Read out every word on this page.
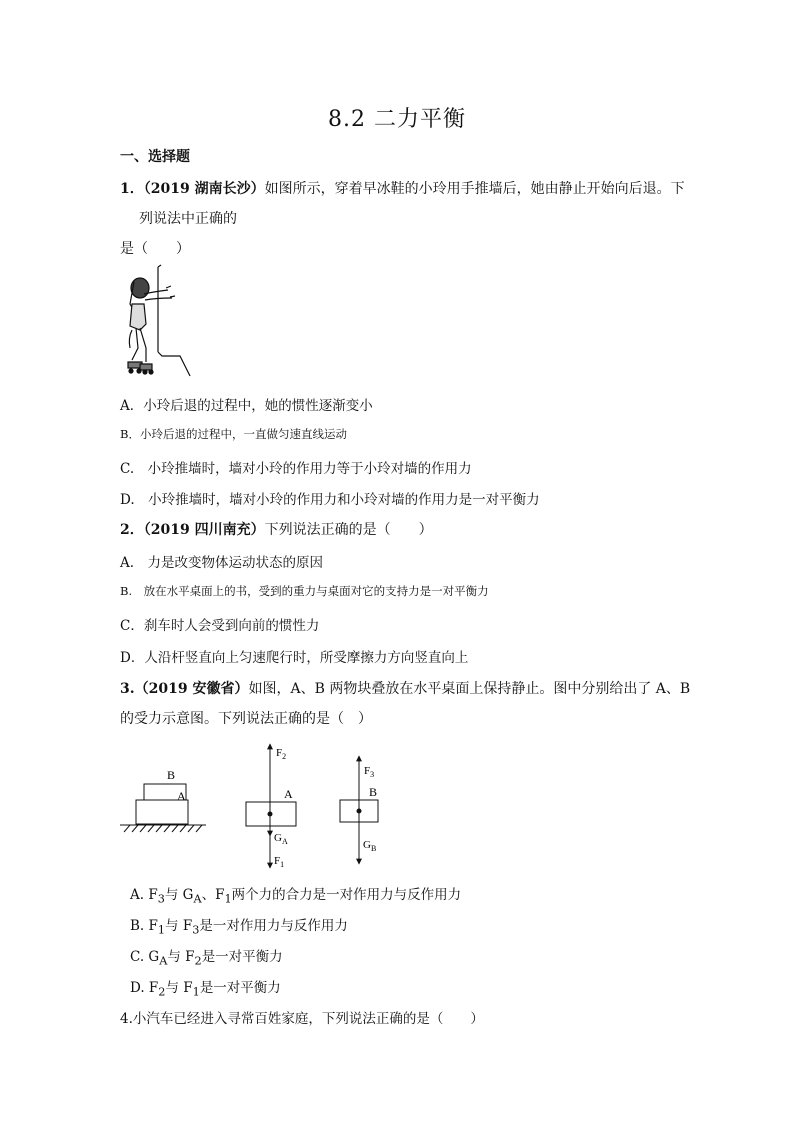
8.2 二力平衡
一、选择题
1．（2019 湖南长沙）如图所示，穿着早冰鞋的小玲用手推墙后，她由静止开始向后退。下
列说法中正确的
是（　　）
A．小玲后退的过程中，她的惯性逐渐变小
B．小玲后退的过程中，一直做匀速直线运动
C.　小玲推墙时，墙对小玲的作用力等于小玲对墙的作用力
D.　小玲推墙时，墙对小玲的作用力和小玲对墙的作用力是一对平衡力
2．（2019 四川南充）下列说法正确的是（　　）
A.　力是改变物体运动状态的原因
B.　放在水平桌面上的书，受到的重力与桌面对它的支持力是一对平衡力
C．刹车时人会受到向前的惯性力
D．人沿杆竖直向上匀速爬行时，所受摩擦力方向竖直向上
3.（2019 安徽省）如图，A、B 两物块叠放在水平桌面上保持静止。图中分别给出了 A、B
的受力示意图。下列说法正确的是（　）
B
A	A
$F_2$
$G_A$
$F_1$
B
$F_3$
$G_B$
A. $F_3$与 $G_A$、$F_1$两个力的合力是一对作用力与反作用力
B. $F_1$与 $F_3$是一对作用力与反作用力
C. $G_A$与 $F_2$是一对平衡力
D. $F_2$与 $F_1$是一对平衡力
4.小汽车已经进入寻常百姓家庭，下列说法正确的是（　　）
